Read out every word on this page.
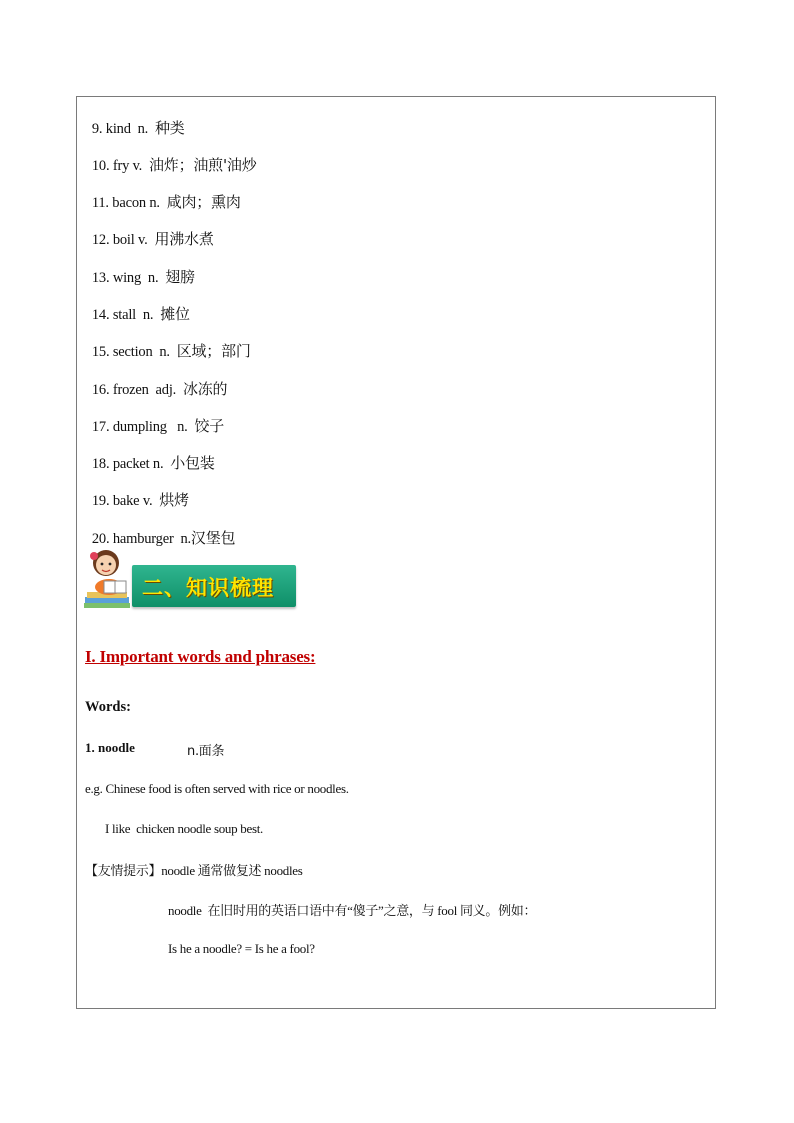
9. kind n. 种类

10. fry v. 油炸；油煎'油炒

11. bacon n. 咸肉；熏肉

12. boil v. 用沸水煮

13. wing n. 翅膀

14. stall n. 摊位

15. section n. 区域；部门

16. frozen adj. 冰冻的

17. dumpling n. 饺子

18. packet n. 小包装

19. bake v. 烘烤

20. hamburger n.汉堡包

二、知识梳理
I. Important words and phrases:
Words:
1. noodle	n.面条
e.g. Chinese food is often served with rice or noodles.
I like  chicken noodle soup best.
【友情提示】noodle 通常做复述 noodles
noodle  在旧时用的英语口语中有“傻子”之意，与 fool 同义。例如：
Is he a noodle? = Is he a fool?
